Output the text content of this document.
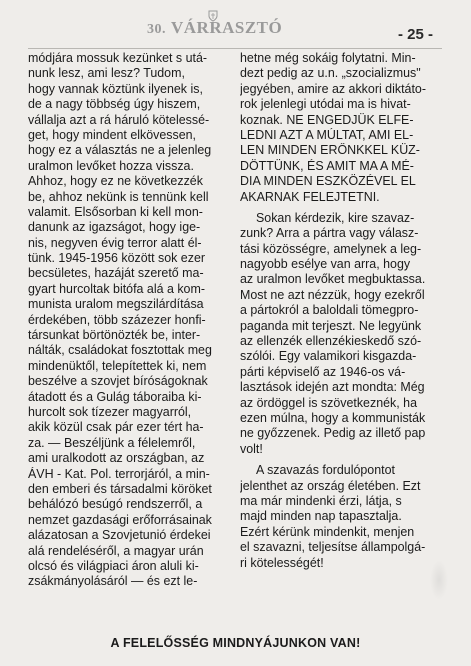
30. VÁRRASZTÓ	- 25 -
módjára mossuk kezünket s utá-
nunk lesz, ami lesz? Tudom,
hogy vannak köztünk ilyenek is,
de a nagy többség úgy hiszem,
vállalja azt a rá háruló kötelessé-
get, hogy mindent elkövessen,
hogy ez a választás ne a jelenleg
uralmon levőket hozza vissza.
Ahhoz, hogy ez ne következzék
be, ahhoz nekünk is tennünk kell
valamit. Elsősorban ki kell mon-
danunk az igazságot, hogy ige-
nis, negyven évig terror alatt él-
tünk. 1945-1956 között sok ezer
becsületes, hazáját szerető ma-
gyart hurcoltak bitófa alá a kom-
munista uralom megszilárdítása
érdekében, több százezer honfi-
társunkat börtönözték be, inter-
nálták, családokat fosztottak meg
mindenüktől, telepítettek ki, nem
beszélve a szovjet bíróságoknak
átadott és a Gulág táboraiba ki-
hurcolt sok tízezer magyarról,
akik közül csak pár ezer tért ha-
za. — Beszéljünk a félelemről,
ami uralkodott az országban, az
ÁVH - Kat. Pol. terrorjáról, a min-
den emberi és társadalmi köröket
behálózó besúgó rendszerről, a
nemzet gazdasági erőforrásainak
alázatosan a Szovjetunió érdekei
alá rendeléséről, a magyar urán
olcsó és világpiaci áron aluli ki-
zsákmányolásáról — és ezt le-
hetne még sokáig folytatni. Min-
dezt pedig az u.n. „szocializmus"
jegyében, amire az akkori diktáto-
rok jelenlegi utódai ma is hivat-
koznak. NE ENGEDJÜK ELFE-
LEDNI AZT A MÚLTAT, AMI EL-
LEN MINDEN ERŐNKKEL KÜZ-
DÖTTÜNK, ÉS AMIT MA A MÉ-
DIA MINDEN ESZKÖZÉVEL EL
AKARNAK FELEJTETNI.
Sokan kérdezik, kire szavaz-
zunk? Arra a pártra vagy válasz-
tási közösségre, amelynek a leg-
nagyobb esélye van arra, hogy
az uralmon levőket megbuktassa.
Most ne azt nézzük, hogy ezekről
a pártokról a baloldali tömegpro-
paganda mit terjeszt. Ne legyünk
az ellenzék ellenzékieskedő szó-
szólói. Egy valamikori kisgazda-
párti képviselő az 1946-os vá-
lasztások idején azt mondta: Még
az ördöggel is szövetkeznék, ha
ezen múlna, hogy a kommunisták
ne győzzenek. Pedig az illető pap
volt!
A szavazás fordulópontot
jelenthet az ország életében. Ezt
ma már mindenki érzi, látja, s
majd minden nap tapasztalja.
Ezért kérünk mindenkit, menjen
el szavazni, teljesítse állampolgá-
ri kötelességét!
A FELELŐSSÉG MINDNYÁJUNKON VAN!
